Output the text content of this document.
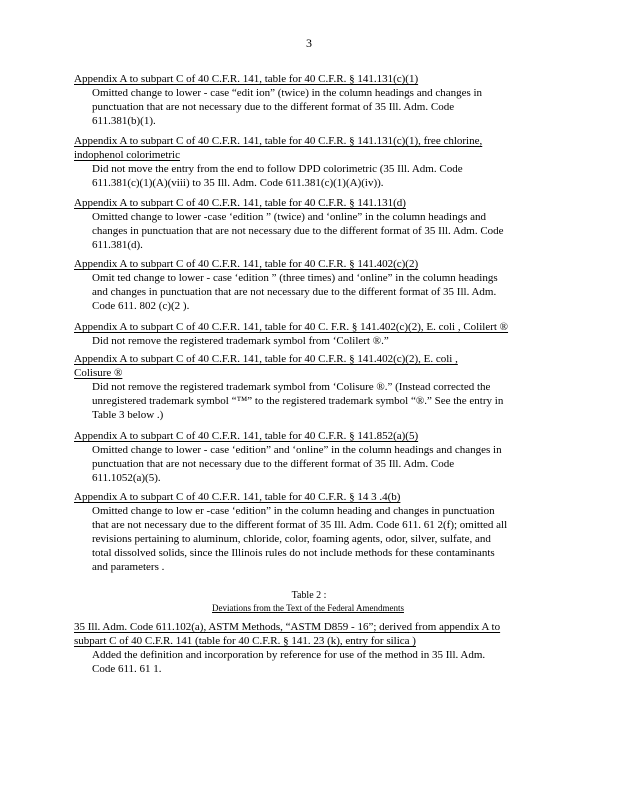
3
Appendix A to subpart C of 40 C.F.R. 141, table for 40 C.F.R. § 141.131(c)(1)
Omitted change to lower - case “edit ion” (twice) in the column headings and changes in
punctuation that are not necessary due to the different format of 35 Ill. Adm. Code
611.381(b)(1).
Appendix A to subpart C of 40 C.F.R. 141, table for 40 C.F.R. § 141.131(c)(1), free chlorine,
indophenol colorimetric
Did not move the entry from the end to follow DPD colorimetric (35 Ill. Adm. Code
611.381(c)(1)(A)(viii) to 35 Ill. Adm. Code 611.381(c)(1)(A)(iv)).
Appendix A to subpart C of 40 C.F.R. 141, table for 40 C.F.R. § 141.131(d)
Omitted change to lower -case ‘edition ” (twice) and ‘online” in the column headings and
changes in punctuation that are not necessary due to the different format of 35 Ill. Adm. Code
611.381(d).
Appendix A to subpart C of 40 C.F.R. 141, table for 40 C.F.R. § 141.402(c)(2)
Omit ted change to lower - case ‘edition ” (three times) and ‘online” in the column headings
and changes in punctuation that are not necessary due to the different format of 35 Ill. Adm.
Code 611. 802 (c)(2 ).
Appendix A to subpart C of 40 C.F.R. 141, table for 40 C. F.R. § 141.402(c)(2), E. coli , Colilert ®
Did not remove the registered trademark symbol from ‘Colilert ®.”
Appendix A to subpart C of 40 C.F.R. 141, table for 40 C.F.R. § 141.402(c)(2), E. coli ,
Colisure ®
Did not remove the registered trademark symbol from ‘Colisure ®.” (Instead corrected the
unregistered trademark symbol “™” to the registered trademark symbol “®.” See the entry in
Table 3 below .)
Appendix A to subpart C of 40 C.F.R. 141, table for 40 C.F.R. § 141.852(a)(5)
Omitted change to lower - case ‘edition” and ‘online” in the column headings and changes in
punctuation that are not necessary due to the different format of 35 Ill. Adm. Code
611.1052(a)(5).
Appendix A to subpart C of 40 C.F.R. 141, table for 40 C.F.R. § 14 3 .4(b)
Omitted change to low er -case ‘edition” in the column heading and changes in punctuation
that are not necessary due to the different format of 35 Ill. Adm. Code 611. 61 2(f); omitted all
revisions pertaining to aluminum, chloride, color, foaming agents, odor, silver, sulfate, and
total dissolved solids, since the Illinois rules do not include methods for these contaminants
and parameters .
Table 2 :
Deviations from the Text of the Federal Amendments
35 Ill. Adm. Code 611.102(a), ASTM Methods, “ASTM D859 - 16”; derived from appendix A to
subpart C of 40 C.F.R. 141 (table for 40 C.F.R. § 141. 23 (k), entry for silica )
Added the definition and incorporation by reference for use of the method in 35 Ill. Adm.
Code 611. 61 1.
